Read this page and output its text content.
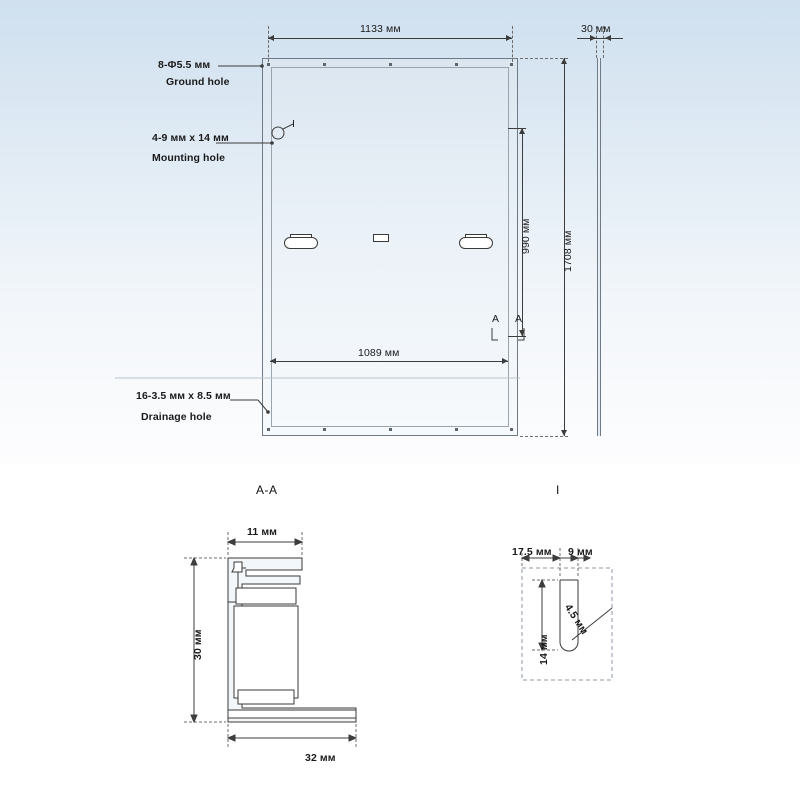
1133 мм	30 мм
1708 мм
990 мм
1089 мм
A A
8-Ф5.5 мм
Ground hole
4-9 мм x 14 мм
Mounting hole
16-3.5 мм x 8.5 мм
Drainage hole
I
A-A	I
11 мм
30 мм
32 мм
17.5 мм 9 мм
14 мм
4.5 мм
